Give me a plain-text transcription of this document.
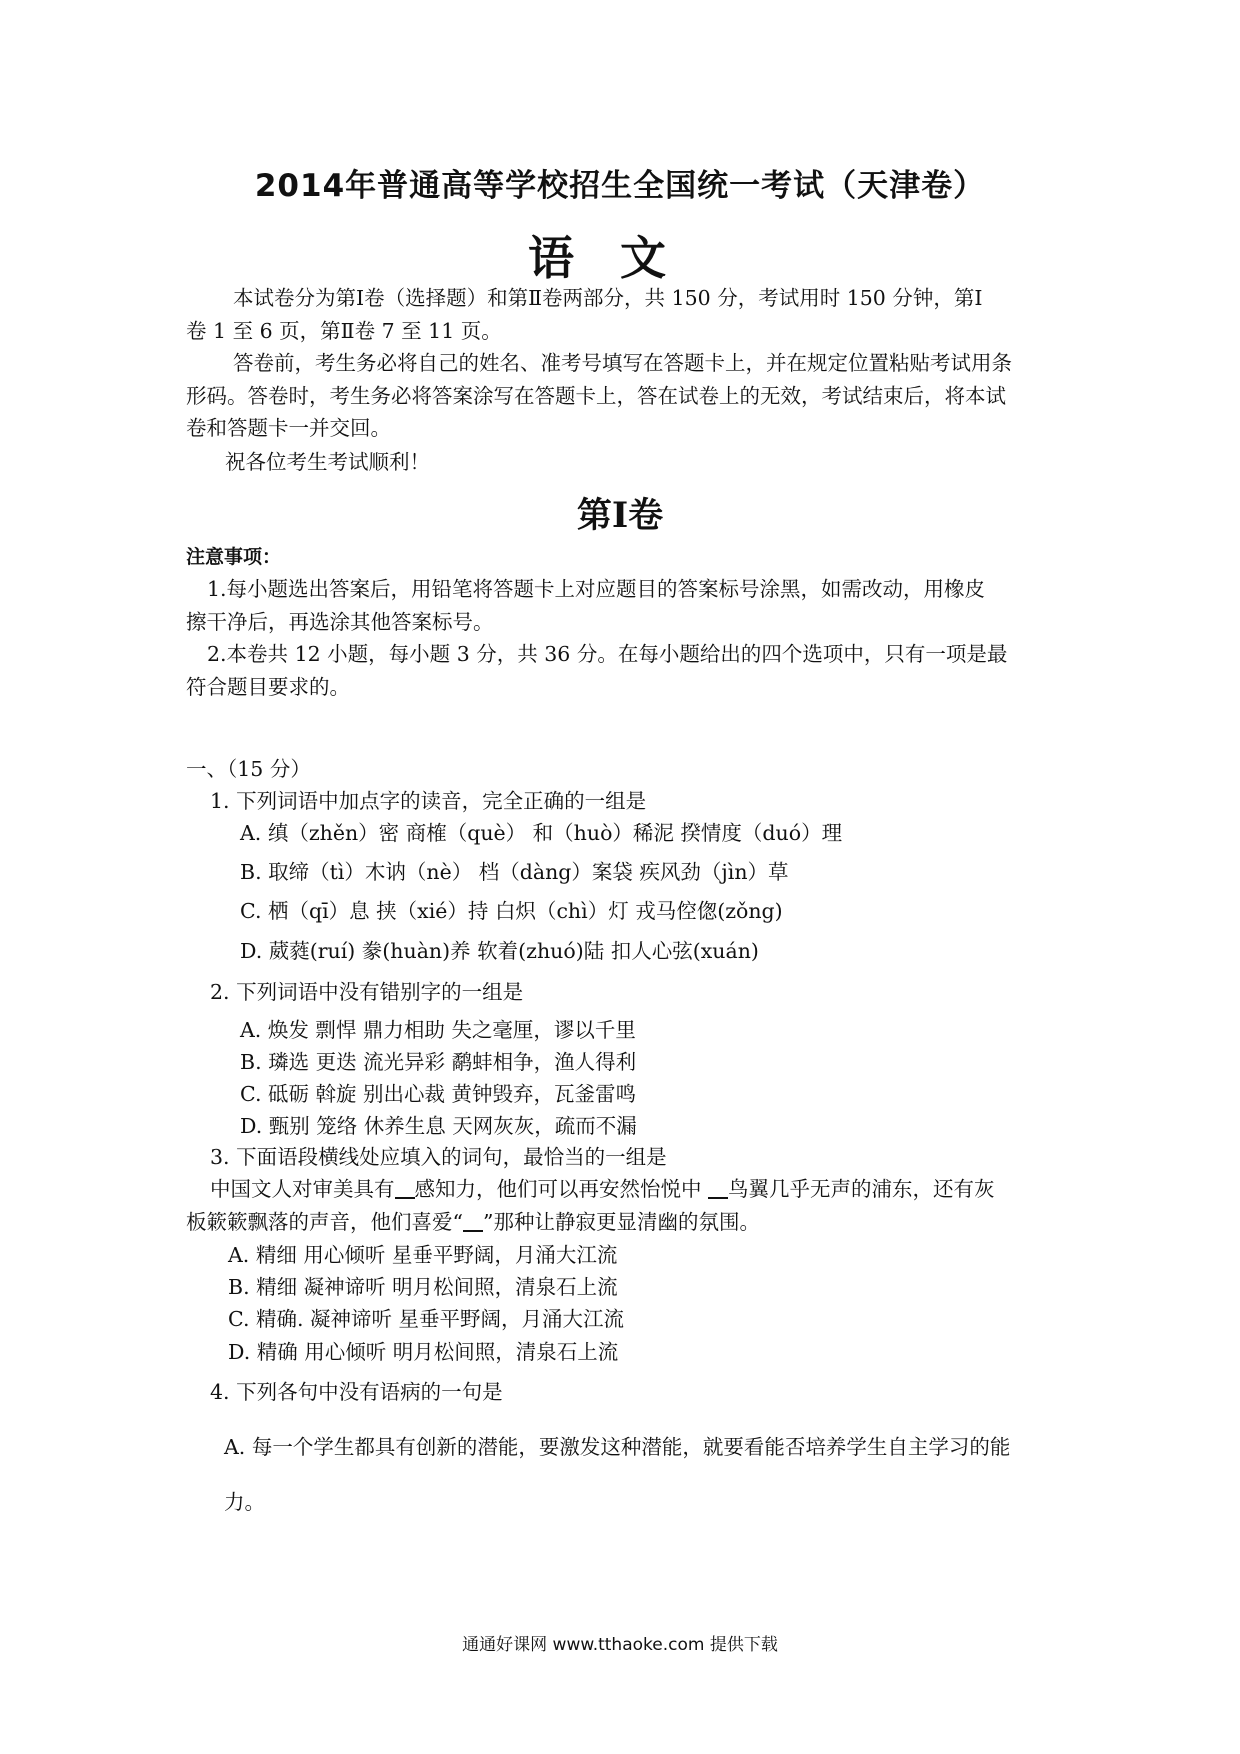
2014年普通高等学校招生全国统一考试（天津卷）
语文
本试卷分为第Ⅰ卷（选择题）和第Ⅱ卷两部分，共 150 分，考试用时 150 分钟，第Ⅰ
卷 1 至 6 页，第Ⅱ卷 7 至 11 页。
答卷前，考生务必将自己的姓名、准考号填写在答题卡上，并在规定位置粘贴考试用条
形码。答卷时，考生务必将答案涂写在答题卡上，答在试卷上的无效，考试结束后，将本试
卷和答题卡一并交回。
祝各位考生考试顺利！
第Ⅰ卷
注意事项：
1.每小题选出答案后，用铅笔将答题卡上对应题目的答案标号涂黑，如需改动，用橡皮
擦干净后，再选涂其他答案标号。
2.本卷共 12 小题，每小题 3 分，共 36 分。在每小题给出的四个选项中，只有一项是最
符合题目要求的。
一、（15 分）
1. 下列词语中加点字的读音，完全正确的一组是
A. 缜（zhěn）密 商榷（què） 和（huò）稀泥 揆情度（duó）理
B. 取缔（tì）木讷（nè） 档（dàng）案袋 疾风劲（jìn）草
C. 栖（qī）息 挟（xié）持 白炽（chì）灯 戎马倥偬(zǒng)
D. 葳蕤(ruí) 豢(huàn)养 软着(zhuó)陆 扣人心弦(xuán)
2. 下列词语中没有错别字的一组是
A. 焕发 剽悍 鼎力相助 失之毫厘，谬以千里
B. 璘选 更迭 流光异彩 鹬蚌相争，渔人得利
C. 砥砺 斡旋 别出心裁 黄钟毁弃，瓦釜雷鸣
D. 甄别 笼络 休养生息 天网灰灰，疏而不漏
3. 下面语段横线处应填入的词句，最恰当的一组是
中国文人对审美具有 感知力，他们可以再安然怡悦中 鸟翼几乎无声的浦东，还有灰
板簌簌飘落的声音，他们喜爱“ ”那种让静寂更显清幽的氛围。
A. 精细 用心倾听 星垂平野阔，月涌大江流
B. 精细 凝神谛听 明月松间照，清泉石上流
C. 精确. 凝神谛听 星垂平野阔，月涌大江流
D. 精确 用心倾听 明月松间照，清泉石上流
4. 下列各句中没有语病的一句是
A. 每一个学生都具有创新的潜能，要激发这种潜能，就要看能否培养学生自主学习的能
力。
通通好课网 www.tthaoke.com 提供下载
